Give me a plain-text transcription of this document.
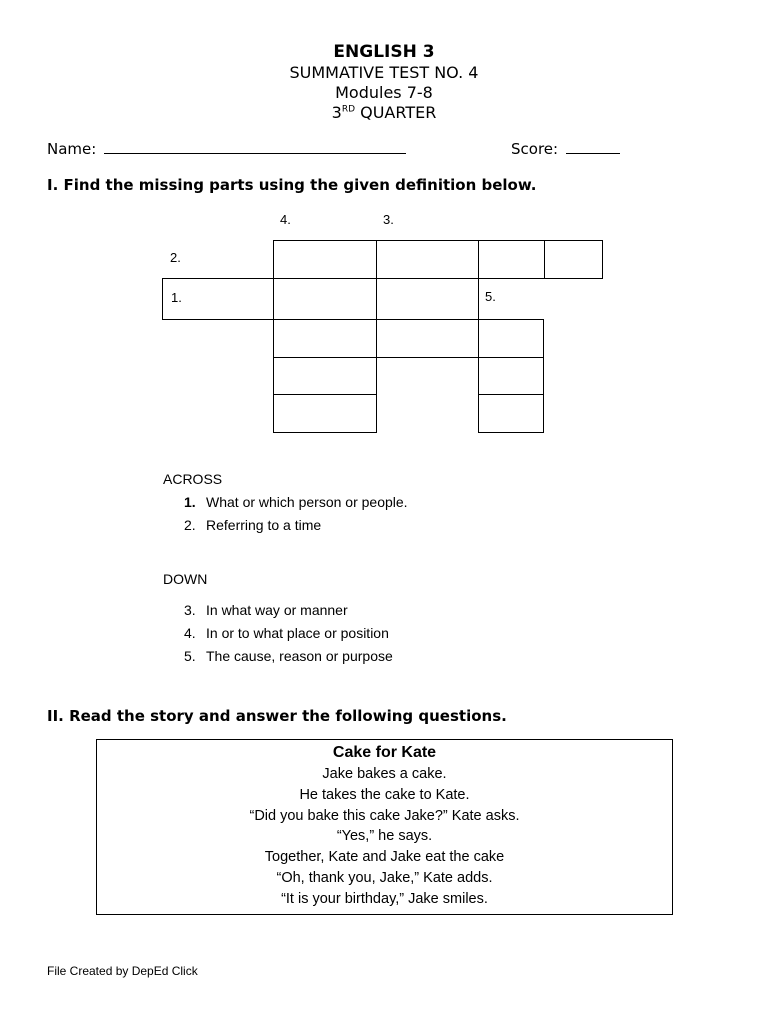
ENGLISH 3
SUMMATIVE TEST NO. 4
Modules 7-8
3RD QUARTER
Name:	Score:
I. Find the missing parts using the given definition below.
4.	3.
2.
1.	5.
ACROSS
1. What or which person or people.
2. Referring to a time
DOWN
3. In what way or manner
4. In or to what place or position
5. The cause, reason or purpose
II. Read the story and answer the following questions.
Cake for Kate
Jake bakes a cake.
He takes the cake to Kate.
“Did you bake this cake Jake?” Kate asks.
“Yes,” he says.
Together, Kate and Jake eat the cake
“Oh, thank you, Jake,” Kate adds.
“It is your birthday,” Jake smiles.
File Created by DepEd Click
